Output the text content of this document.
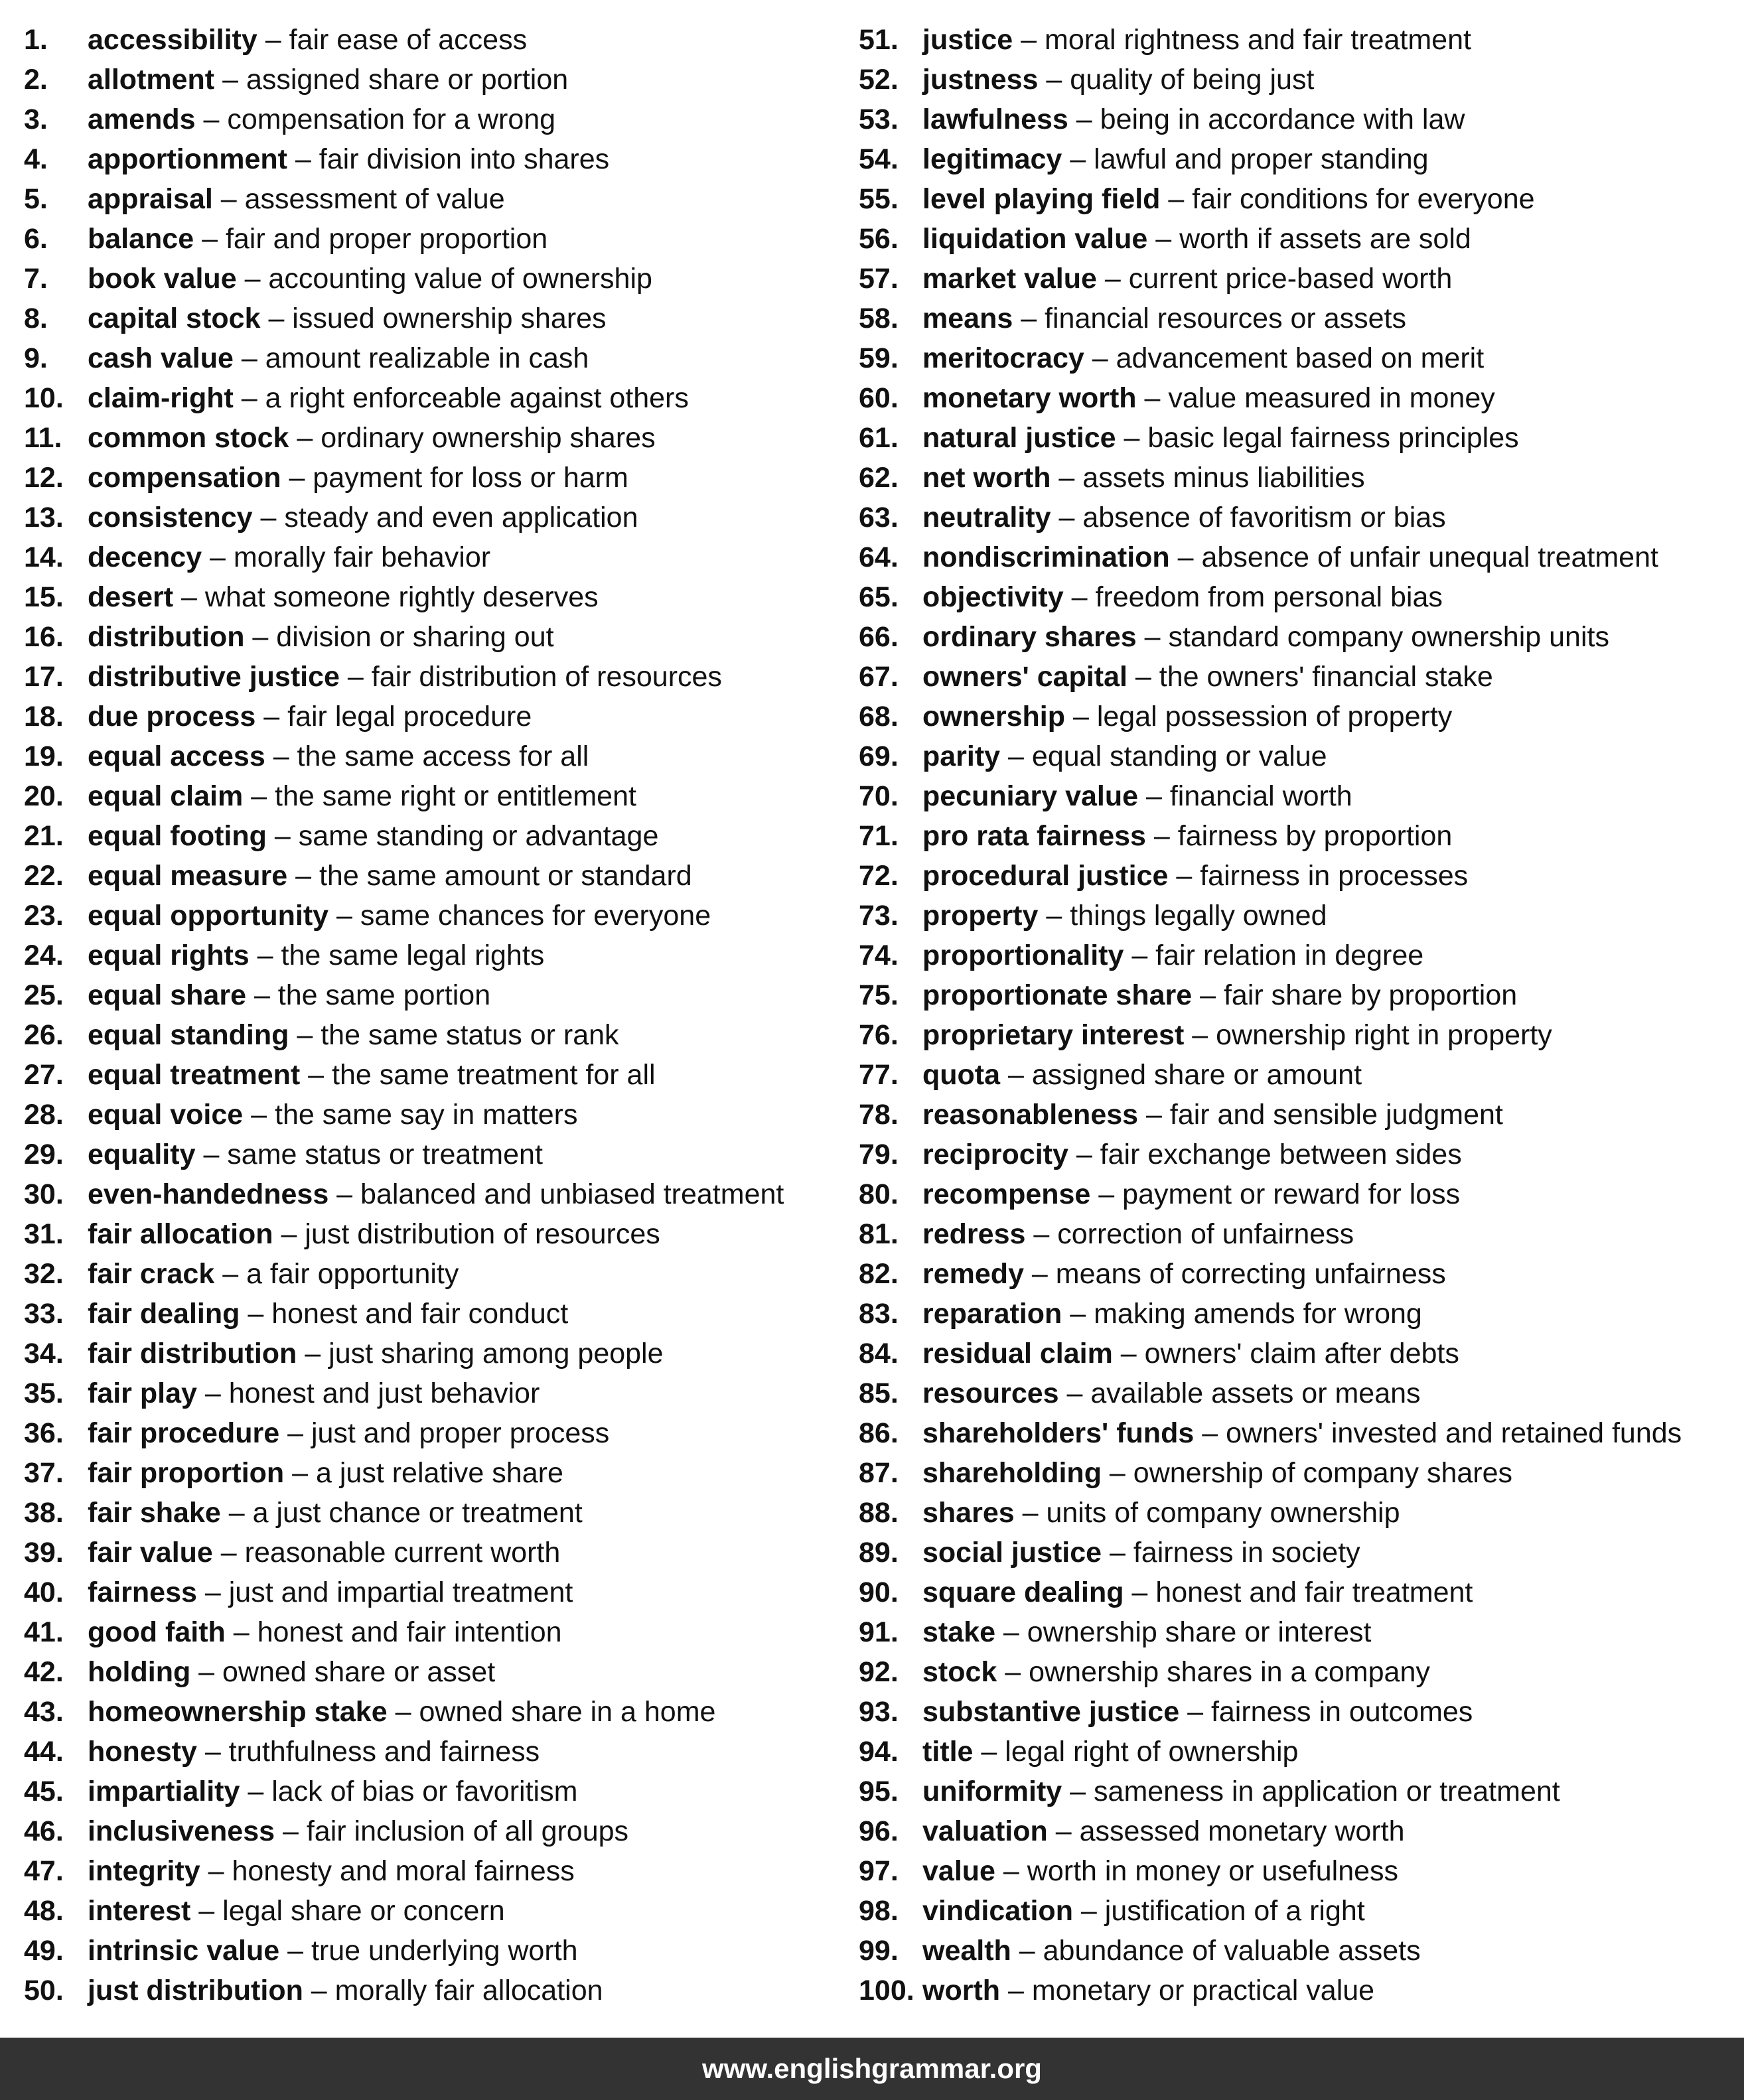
1. accessibility – fair ease of access
2. allotment – assigned share or portion
3. amends – compensation for a wrong
4. apportionment – fair division into shares
5. appraisal – assessment of value
6. balance – fair and proper proportion
7. book value – accounting value of ownership
8. capital stock – issued ownership shares
9. cash value – amount realizable in cash
10. claim-right – a right enforceable against others
11. common stock – ordinary ownership shares
12. compensation – payment for loss or harm
13. consistency – steady and even application
14. decency – morally fair behavior
15. desert – what someone rightly deserves
16. distribution – division or sharing out
17. distributive justice – fair distribution of resources
18. due process – fair legal procedure
19. equal access – the same access for all
20. equal claim – the same right or entitlement
21. equal footing – same standing or advantage
22. equal measure – the same amount or standard
23. equal opportunity – same chances for everyone
24. equal rights – the same legal rights
25. equal share – the same portion
26. equal standing – the same status or rank
27. equal treatment – the same treatment for all
28. equal voice – the same say in matters
29. equality – same status or treatment
30. even-handedness – balanced and unbiased treatment
31. fair allocation – just distribution of resources
32. fair crack – a fair opportunity
33. fair dealing – honest and fair conduct
34. fair distribution – just sharing among people
35. fair play – honest and just behavior
36. fair procedure – just and proper process
37. fair proportion – a just relative share
38. fair shake – a just chance or treatment
39. fair value – reasonable current worth
40. fairness – just and impartial treatment
41. good faith – honest and fair intention
42. holding – owned share or asset
43. homeownership stake – owned share in a home
44. honesty – truthfulness and fairness
45. impartiality – lack of bias or favoritism
46. inclusiveness – fair inclusion of all groups
47. integrity – honesty and moral fairness
48. interest – legal share or concern
49. intrinsic value – true underlying worth
50. just distribution – morally fair allocation
51. justice – moral rightness and fair treatment
52. justness – quality of being just
53. lawfulness – being in accordance with law
54. legitimacy – lawful and proper standing
55. level playing field – fair conditions for everyone
56. liquidation value – worth if assets are sold
57. market value – current price-based worth
58. means – financial resources or assets
59. meritocracy – advancement based on merit
60. monetary worth – value measured in money
61. natural justice – basic legal fairness principles
62. net worth – assets minus liabilities
63. neutrality – absence of favoritism or bias
64. nondiscrimination – absence of unfair unequal treatment
65. objectivity – freedom from personal bias
66. ordinary shares – standard company ownership units
67. owners' capital – the owners' financial stake
68. ownership – legal possession of property
69. parity – equal standing or value
70. pecuniary value – financial worth
71. pro rata fairness – fairness by proportion
72. procedural justice – fairness in processes
73. property – things legally owned
74. proportionality – fair relation in degree
75. proportionate share – fair share by proportion
76. proprietary interest – ownership right in property
77. quota – assigned share or amount
78. reasonableness – fair and sensible judgment
79. reciprocity – fair exchange between sides
80. recompense – payment or reward for loss
81. redress – correction of unfairness
82. remedy – means of correcting unfairness
83. reparation – making amends for wrong
84. residual claim – owners' claim after debts
85. resources – available assets or means
86. shareholders' funds – owners' invested and retained funds
87. shareholding – ownership of company shares
88. shares – units of company ownership
89. social justice – fairness in society
90. square dealing – honest and fair treatment
91. stake – ownership share or interest
92. stock – ownership shares in a company
93. substantive justice – fairness in outcomes
94. title – legal right of ownership
95. uniformity – sameness in application or treatment
96. valuation – assessed monetary worth
97. value – worth in money or usefulness
98. vindication – justification of a right
99. wealth – abundance of valuable assets
100. worth – monetary or practical value
www.englishgrammar.org
